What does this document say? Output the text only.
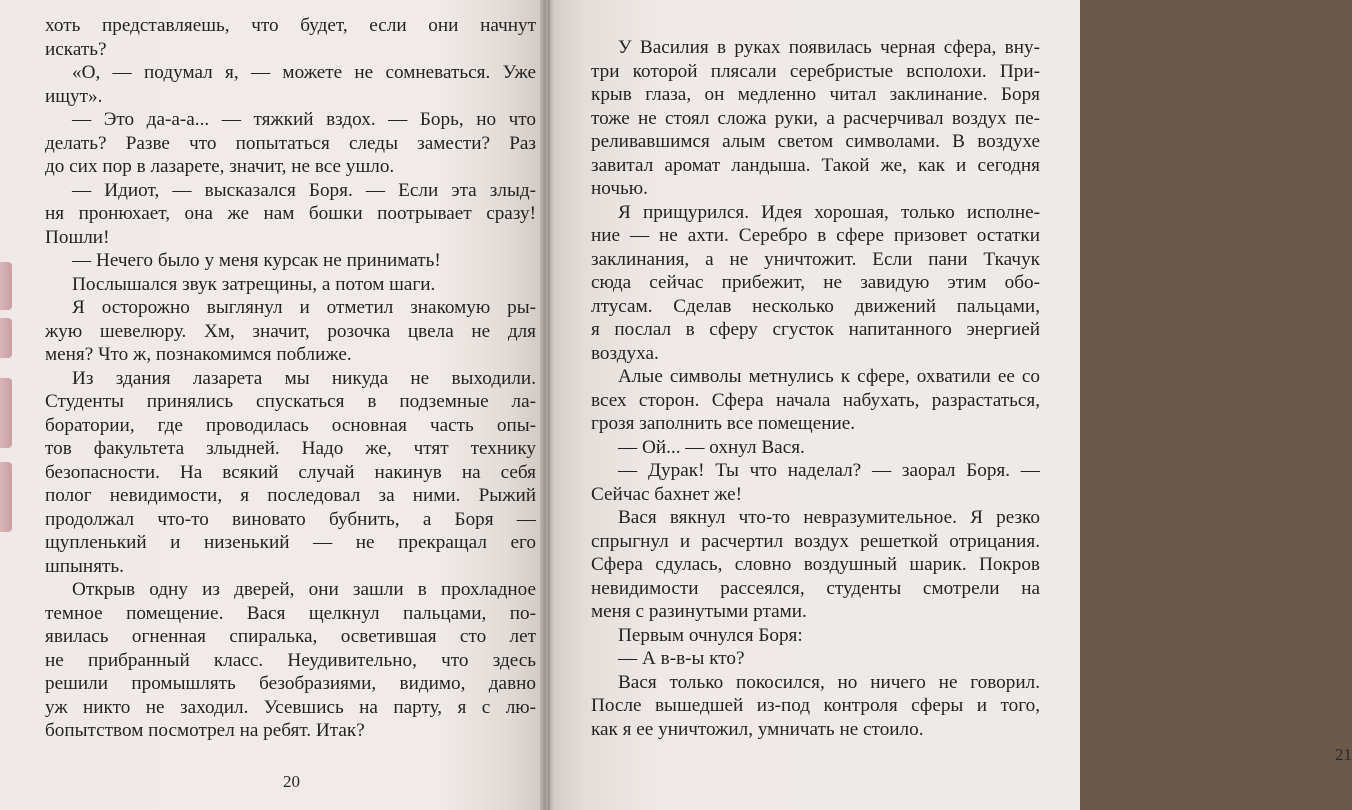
хоть представляешь, что будет, если они начнут
искать?
«О, — подумал я, — можете не сомневаться. Уже
ищут».
— Это да-а-а... — тяжкий вздох. — Борь, но что
делать? Разве что попытаться следы замести? Раз
до сих пор в лазарете, значит, не все ушло.
— Идиот, — высказался Боря. — Если эта злыд-
ня пронюхает, она же нам бошки поотрывает сразу!
Пошли!
— Нечего было у меня курсак не принимать!
Послышался звук затрещины, а потом шаги.
Я осторожно выглянул и отметил знакомую ры-
жую шевелюру. Хм, значит, розочка цвела не для
меня? Что ж, познакомимся поближе.
Из здания лазарета мы никуда не выходили.
Студенты принялись спускаться в подземные ла-
боратории, где проводилась основная часть опы-
тов факультета злыдней. Надо же, чтят технику
безопасности. На всякий случай накинув на себя
полог невидимости, я последовал за ними. Рыжий
продолжал что-то виновато бубнить, а Боря —
щупленький и низенький — не прекращал его
шпынять.
Открыв одну из дверей, они зашли в прохладное
темное помещение. Вася щелкнул пальцами, по-
явилась огненная спиралька, осветившая сто лет
не прибранный класс. Неудивительно, что здесь
решили промышлять безобразиями, видимо, давно
уж никто не заходил. Усевшись на парту, я с лю-
бопытством посмотрел на ребят. Итак?
20
У Василия в руках появилась черная сфера, вну-
три которой плясали серебристые всполохи. При-
крыв глаза, он медленно читал заклинание. Боря
тоже не стоял сложа руки, а расчерчивал воздух пе-
реливавшимся алым светом символами. В воздухе
завитал аромат ландыша. Такой же, как и сегодня
ночью.
Я прищурился. Идея хорошая, только исполне-
ние — не ахти. Серебро в сфере призовет остатки
заклинания, а не уничтожит. Если пани Ткачук
сюда сейчас прибежит, не завидую этим обо-
лтусам. Сделав несколько движений пальцами,
я послал в сферу сгусток напитанного энергией
воздуха.
Алые символы метнулись к сфере, охватили ее со
всех сторон. Сфера начала набухать, разрастаться,
грозя заполнить все помещение.
— Ой... — охнул Вася.
— Дурак! Ты что наделал? — заорал Боря. —
Сейчас бахнет же!
Вася вякнул что-то невразумительное. Я резко
спрыгнул и расчертил воздух решеткой отрицания.
Сфера сдулась, словно воздушный шарик. Покров
невидимости рассеялся, студенты смотрели на
меня с разинутыми ртами.
Первым очнулся Боря:
— А в-в-ы кто?
Вася только покосился, но ничего не говорил.
После вышедшей из-под контроля сферы и того,
как я ее уничтожил, умничать не стоило.
21
